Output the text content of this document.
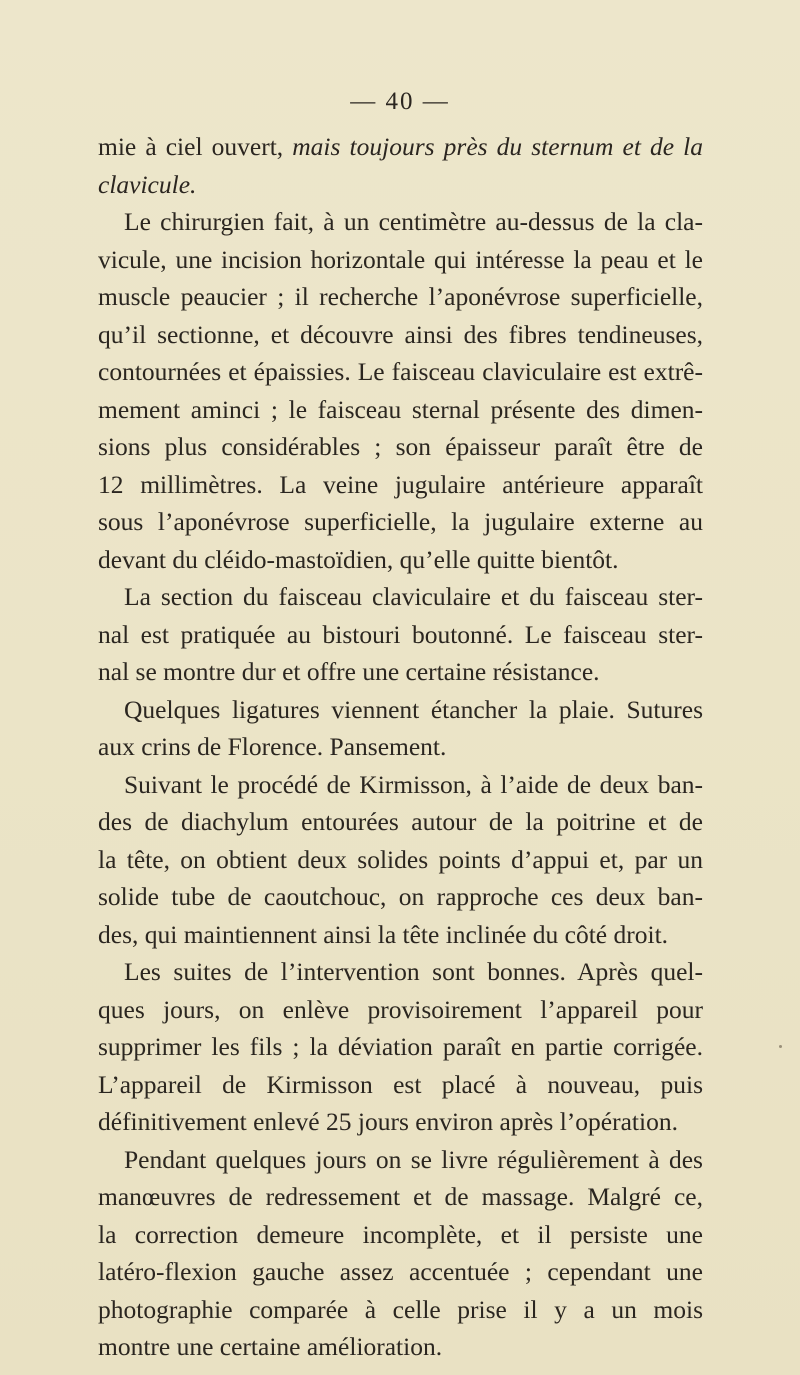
— 40 —
mie à ciel ouvert, mais toujours près du sternum et de la
clavicule.
Le chirurgien fait, à un centimètre au-dessus de la cla-
vicule, une incision horizontale qui intéresse la peau et le
muscle peaucier ; il recherche l’aponévrose superficielle,
qu’il sectionne, et découvre ainsi des fibres tendineuses,
contournées et épaissies. Le faisceau claviculaire est extrê-
mement aminci ; le faisceau sternal présente des dimen-
sions plus considérables ; son épaisseur paraît être de
12 millimètres. La veine jugulaire antérieure apparaît
sous l’aponévrose superficielle, la jugulaire externe au
devant du cléido-mastoïdien, qu’elle quitte bientôt.
La section du faisceau claviculaire et du faisceau ster-
nal est pratiquée au bistouri boutonné. Le faisceau ster-
nal se montre dur et offre une certaine résistance.
Quelques ligatures viennent étancher la plaie. Sutures
aux crins de Florence. Pansement.
Suivant le procédé de Kirmisson, à l’aide de deux ban-
des de diachylum entourées autour de la poitrine et de
la tête, on obtient deux solides points d’appui et, par un
solide tube de caoutchouc, on rapproche ces deux ban-
des, qui maintiennent ainsi la tête inclinée du côté droit.
Les suites de l’intervention sont bonnes. Après quel-
ques jours, on enlève provisoirement l’appareil pour
supprimer les fils ; la déviation paraît en partie corrigée.
L’appareil de Kirmisson est placé à nouveau, puis
définitivement enlevé 25 jours environ après l’opération.
Pendant quelques jours on se livre régulièrement à des
manœuvres de redressement et de massage. Malgré ce,
la correction demeure incomplète, et il persiste une
latéro-flexion gauche assez accentuée ; cependant une
photographie comparée à celle prise il y a un mois
montre une certaine amélioration.
